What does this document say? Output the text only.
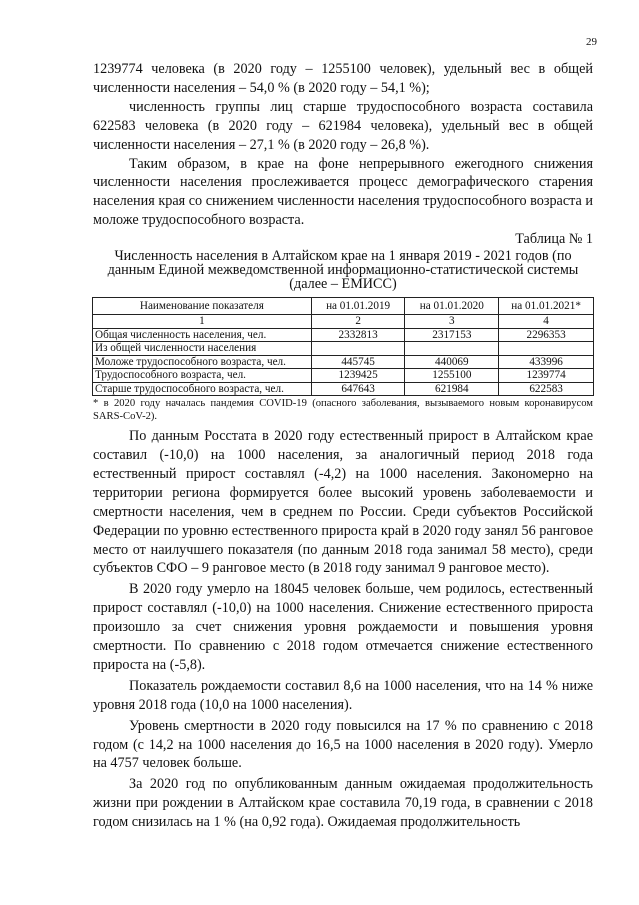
29

1239774 человека (в 2020 году – 1255100 человек), удельный вес в общей численности населения – 54,0 % (в 2020 году – 54,1 %);

численность группы лиц старше трудоспособного возраста составила 622583 человека (в 2020 году – 621984 человека), удельный вес в общей численности населения – 27,1 % (в 2020 году – 26,8 %).

Таким образом, в крае на фоне непрерывного ежегодного снижения численности населения прослеживается процесс демографического старения населения края со снижением численности населения трудоспособного возраста и моложе трудоспособного возраста.

Таблица № 1

Численность населения в Алтайском крае на 1 января 2019 - 2021 годов (по данным Единой межведомственной информационно-статистической системы (далее – ЕМИСС)

Наименование показателя	на 01.01.2019	на 01.01.2020	на 01.01.2021*
1	2	3	4
Общая численность населения, чел.	2332813	2317153	2296353
Из общей численности населения			
Моложе трудоспособного возраста, чел.	445745	440069	433996
Трудоспособного возраста, чел.	1239425	1255100	1239774
Старше трудоспособного возраста, чел.	647643	621984	622583

* в 2020 году началась пандемия COVID-19 (опасного заболевания, вызываемого новым коронавирусом SARS-CoV-2).

По данным Росстата в 2020 году естественный прирост в Алтайском крае составил (-10,0) на 1000 населения, за аналогичный период 2018 года естественный прирост составлял (-4,2) на 1000 населения. Закономерно на территории региона формируется более высокий уровень заболеваемости и смертности населения, чем в среднем по России. Среди субъектов Российской Федерации по уровню естественного прироста край в 2020 году занял 56 ранговое место от наилучшего показателя (по данным 2018 года занимал 58 место), среди субъектов СФО – 9 ранговое место (в 2018 году занимал 9 ранговое место).

В 2020 году умерло на 18045 человек больше, чем родилось, естественный прирост составлял (-10,0) на 1000 населения. Снижение естественного прироста произошло за счет снижения уровня рождаемости и повышения уровня смертности. По сравнению с 2018 годом отмечается снижение естественного прироста на (-5,8).

Показатель рождаемости составил 8,6 на 1000 населения, что на 14 % ниже уровня 2018 года (10,0 на 1000 населения).

Уровень смертности в 2020 году повысился на 17 % по сравнению с 2018 годом (с 14,2 на 1000 населения до 16,5 на 1000 населения в 2020 году). Умерло на 4757 человек больше.

За 2020 год по опубликованным данным ожидаемая продолжительность жизни при рождении в Алтайском крае составила 70,19 года, в сравнении с 2018 годом снизилась на 1 % (на 0,92 года). Ожидаемая продолжительность
